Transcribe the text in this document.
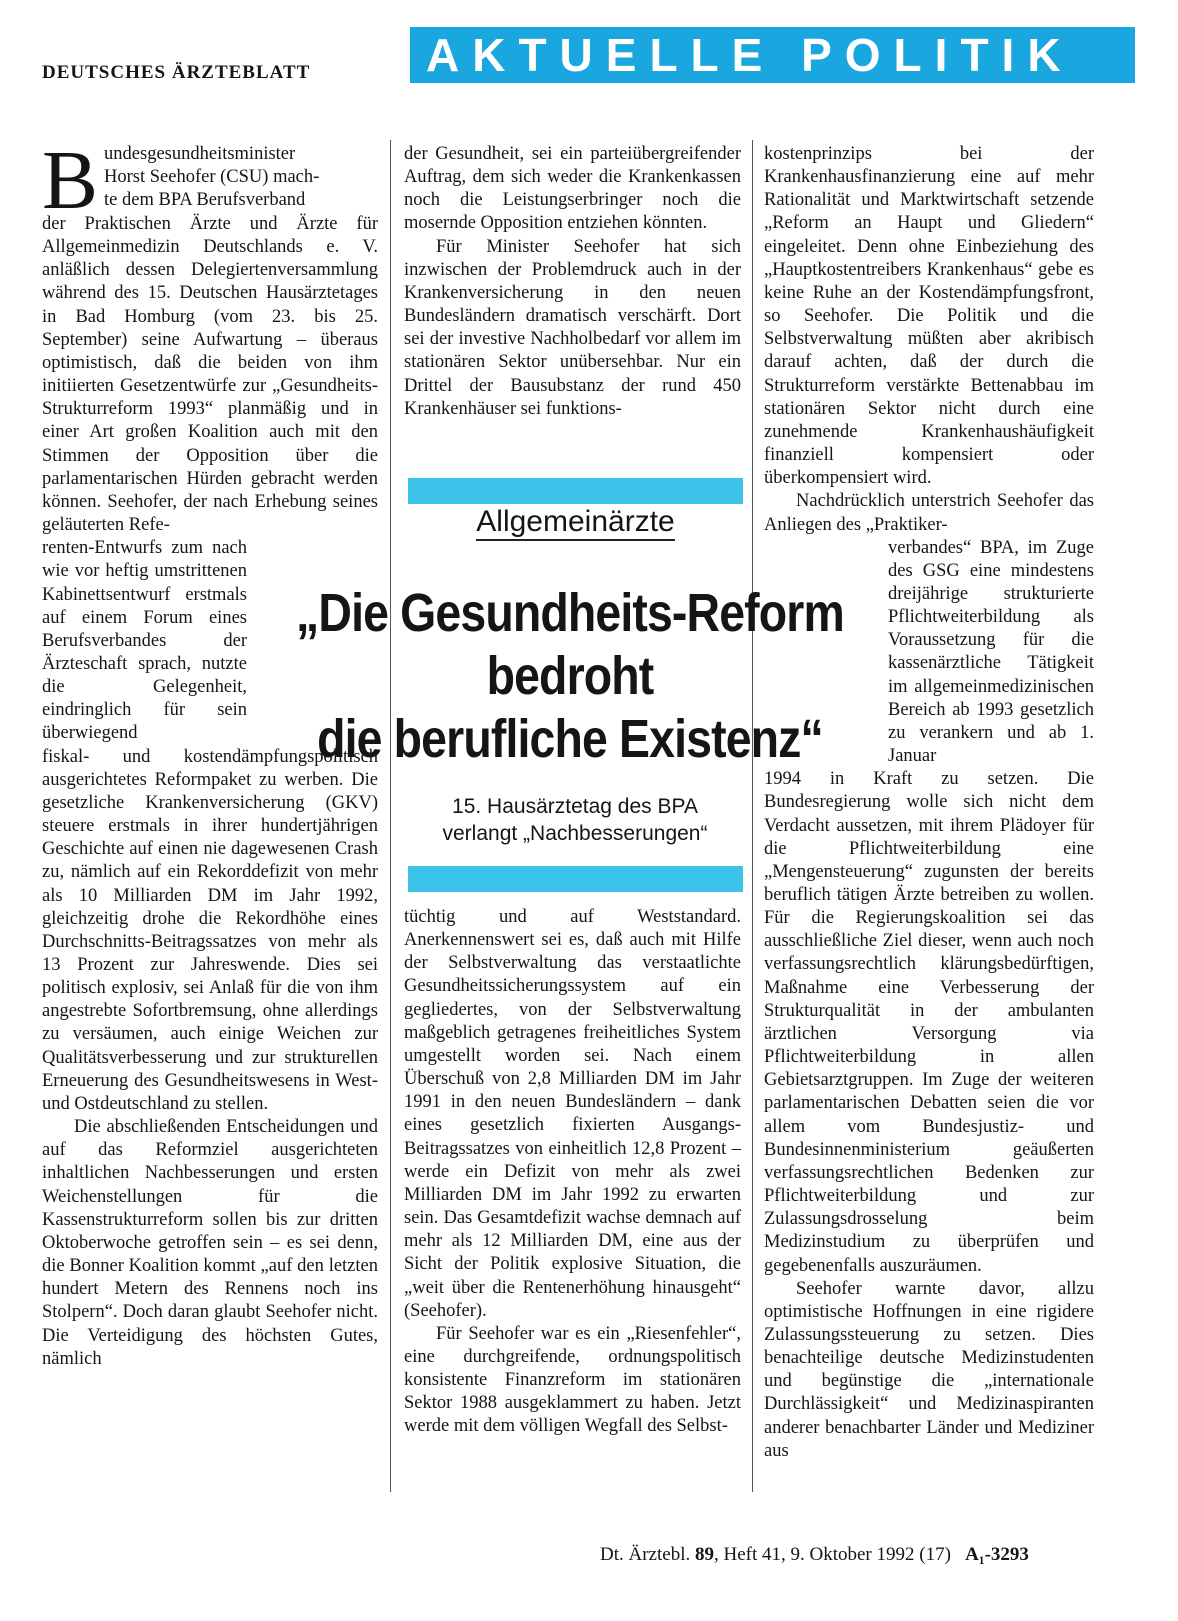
DEUTSCHES ÄRZTEBLATT	AKTUELLE POLITIK
B undesgesundheitsminister
Horst Seehofer (CSU) mach-
te dem BPA Berufsverband

der Praktischen Ärzte und Ärzte für Allgemeinmedizin Deutschlands e. V. anläßlich dessen Delegiertenversammlung während des 15. Deutschen Hausärztetages in Bad Homburg (vom 23. bis 25. September) seine Aufwartung – überaus optimistisch, daß die beiden von ihm initiierten Gesetzentwürfe zur „Gesundheits-Strukturreform 1993“ planmäßig und in einer Art großen Koalition auch mit den Stimmen der Opposition über die parlamentarischen Hürden gebracht werden können. Seehofer, der nach Erhebung seines geläuterten Refe-

renten-Entwurfs zum nach wie vor heftig umstrittenen Kabinettsentwurf erstmals auf einem Forum eines Berufsverbandes der Ärzteschaft sprach, nutzte die Gelegenheit, eindringlich für sein überwiegend

fiskal- und kostendämpfungspolitisch ausgerichtetes Reformpaket zu werben. Die gesetzliche Krankenversicherung (GKV) steuere erstmals in ihrer hundertjährigen Geschichte auf einen nie dagewesenen Crash zu, nämlich auf ein Rekorddefizit von mehr als 10 Milliarden DM im Jahr 1992, gleichzeitig drohe die Rekordhöhe eines Durchschnitts-Beitragssatzes von mehr als 13 Prozent zur Jahreswende. Dies sei politisch explosiv, sei Anlaß für die von ihm angestrebte Sofortbremsung, ohne allerdings zu versäumen, auch einige Weichen zur Qualitätsverbesserung und zur strukturellen Erneuerung des Gesundheitswesens in West- und Ostdeutschland zu stellen.

Die abschließenden Entscheidungen und auf das Reformziel ausgerichteten inhaltlichen Nachbesserungen und ersten Weichenstellungen für die Kassenstrukturreform sollen bis zur dritten Oktoberwoche getroffen sein – es sei denn, die Bonner Koalition kommt „auf den letzten hundert Metern des Rennens noch ins Stolpern“. Doch daran glaubt Seehofer nicht. Die Verteidigung des höchsten Gutes, nämlich

der Gesundheit, sei ein parteiübergreifender Auftrag, dem sich weder die Krankenkassen noch die Leistungserbringer noch die mosernde Opposition entziehen könnten.

Für Minister Seehofer hat sich inzwischen der Problemdruck auch in der Krankenversicherung in den neuen Bundesländern dramatisch verschärft. Dort sei der investive Nachholbedarf vor allem im stationären Sektor unübersehbar. Nur ein Drittel der Bausubstanz der rund 450 Krankenhäuser sei funktions-

Allgemeinärzte
„Die Gesundheits-Reform
bedroht
die berufliche Existenz“
15. Hausärztetag des BPA
verlangt „Nachbesserungen“

tüchtig und auf Weststandard. Anerkennenswert sei es, daß auch mit Hilfe der Selbstverwaltung das verstaatlichte Gesundheitssicherungssystem auf ein gegliedertes, von der Selbstverwaltung maßgeblich getragenes freiheitliches System umgestellt worden sei. Nach einem Überschuß von 2,8 Milliarden DM im Jahr 1991 in den neuen Bundesländern – dank eines gesetzlich fixierten Ausgangs-Beitragssatzes von einheitlich 12,8 Prozent – werde ein Defizit von mehr als zwei Milliarden DM im Jahr 1992 zu erwarten sein. Das Gesamtdefizit wachse demnach auf mehr als 12 Milliarden DM, eine aus der Sicht der Politik explosive Situation, die „weit über die Rentenerhöhung hinausgeht“ (Seehofer).

Für Seehofer war es ein „Riesenfehler“, eine durchgreifende, ordnungspolitisch konsistente Finanzreform im stationären Sektor 1988 ausgeklammert zu haben. Jetzt werde mit dem völligen Wegfall des Selbst-

kostenprinzips bei der Krankenhausfinanzierung eine auf mehr Rationalität und Marktwirtschaft setzende „Reform an Haupt und Gliedern“ eingeleitet. Denn ohne Einbeziehung des „Hauptkostentreibers Krankenhaus“ gebe es keine Ruhe an der Kostendämpfungsfront, so Seehofer. Die Politik und die Selbstverwaltung müßten aber akribisch darauf achten, daß der durch die Strukturreform verstärkte Bettenabbau im stationären Sektor nicht durch eine zunehmende Krankenhaushäufigkeit finanziell kompensiert oder überkompensiert wird.

Nachdrücklich unterstrich Seehofer das Anliegen des „Praktiker-

verbandes“ BPA, im Zuge des GSG eine mindestens dreijährige strukturierte Pflichtweiterbildung als Voraussetzung für die kassenärztliche Tätigkeit im allgemeinmedizinischen Bereich ab 1993 gesetzlich zu verankern und ab 1. Januar

1994 in Kraft zu setzen. Die Bundesregierung wolle sich nicht dem Verdacht aussetzen, mit ihrem Plädoyer für die Pflichtweiterbildung eine „Mengensteuerung“ zugunsten der bereits beruflich tätigen Ärzte betreiben zu wollen. Für die Regierungskoalition sei das ausschließliche Ziel dieser, wenn auch noch verfassungsrechtlich klärungsbedürftigen, Maßnahme eine Verbesserung der Strukturqualität in der ambulanten ärztlichen Versorgung via Pflichtweiterbildung in allen Gebietsarztgruppen. Im Zuge der weiteren parlamentarischen Debatten seien die vor allem vom Bundesjustiz- und Bundesinnenministerium geäußerten verfassungsrechtlichen Bedenken zur Pflichtweiterbildung und zur Zulassungsdrosselung beim Medizinstudium zu überprüfen und gegebenenfalls auszuräumen.

Seehofer warnte davor, allzu optimistische Hoffnungen in eine rigidere Zulassungssteuerung zu setzen. Dies benachteilige deutsche Medizinstudenten und begünstige die „internationale Durchlässigkeit“ und Medizinaspiranten anderer benachbarter Länder und Mediziner aus

Dt. Ärztebl. 89, Heft 41, 9. Oktober 1992 (17) A₁-3293
